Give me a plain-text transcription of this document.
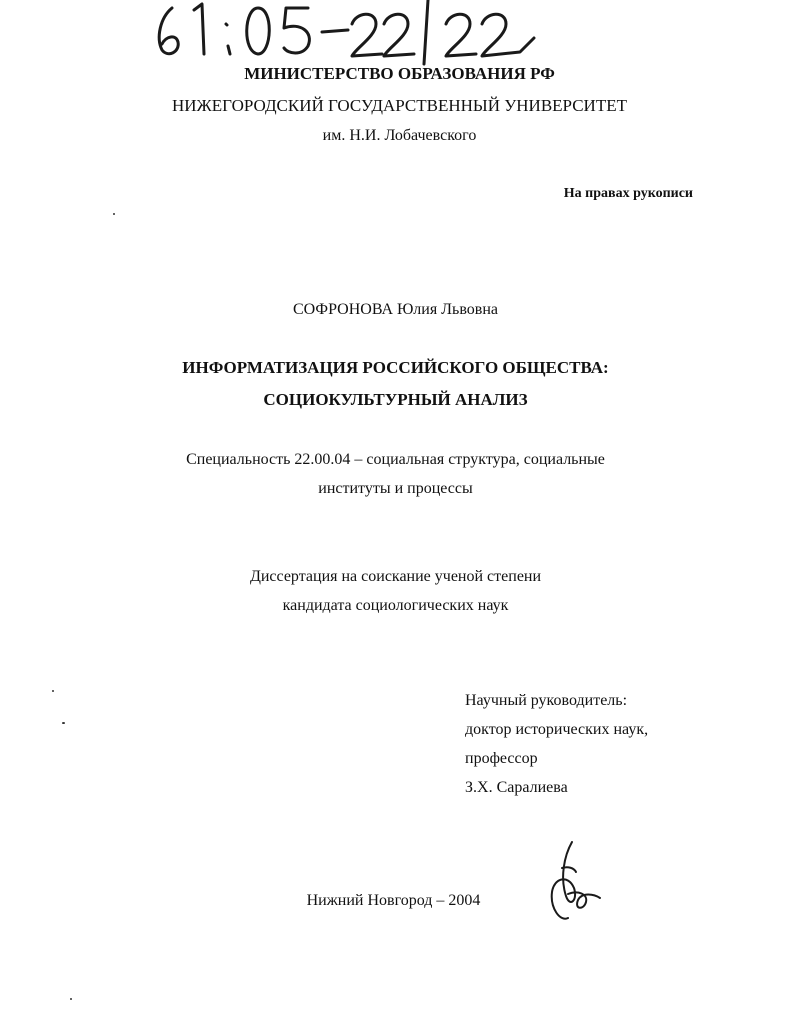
МИНИСТЕРСТВО ОБРАЗОВАНИЯ РФ
НИЖЕГОРОДСКИЙ ГОСУДАРСТВЕННЫЙ УНИВЕРСИТЕТ
им. Н.И. Лобачевского
На правах рукописи
СОФРОНОВА Юлия Львовна
ИНФОРМАТИЗАЦИЯ РОССИЙСКОГО ОБЩЕСТВА:
СОЦИОКУЛЬТУРНЫЙ АНАЛИЗ
Специальность 22.00.04 – социальная структура, социальные
институты и процессы
Диссертация на соискание ученой степени
кандидата социологических наук
Научный руководитель:
доктор исторических наук,
профессор
З.Х. Саралиева
Нижний Новгород – 2004
